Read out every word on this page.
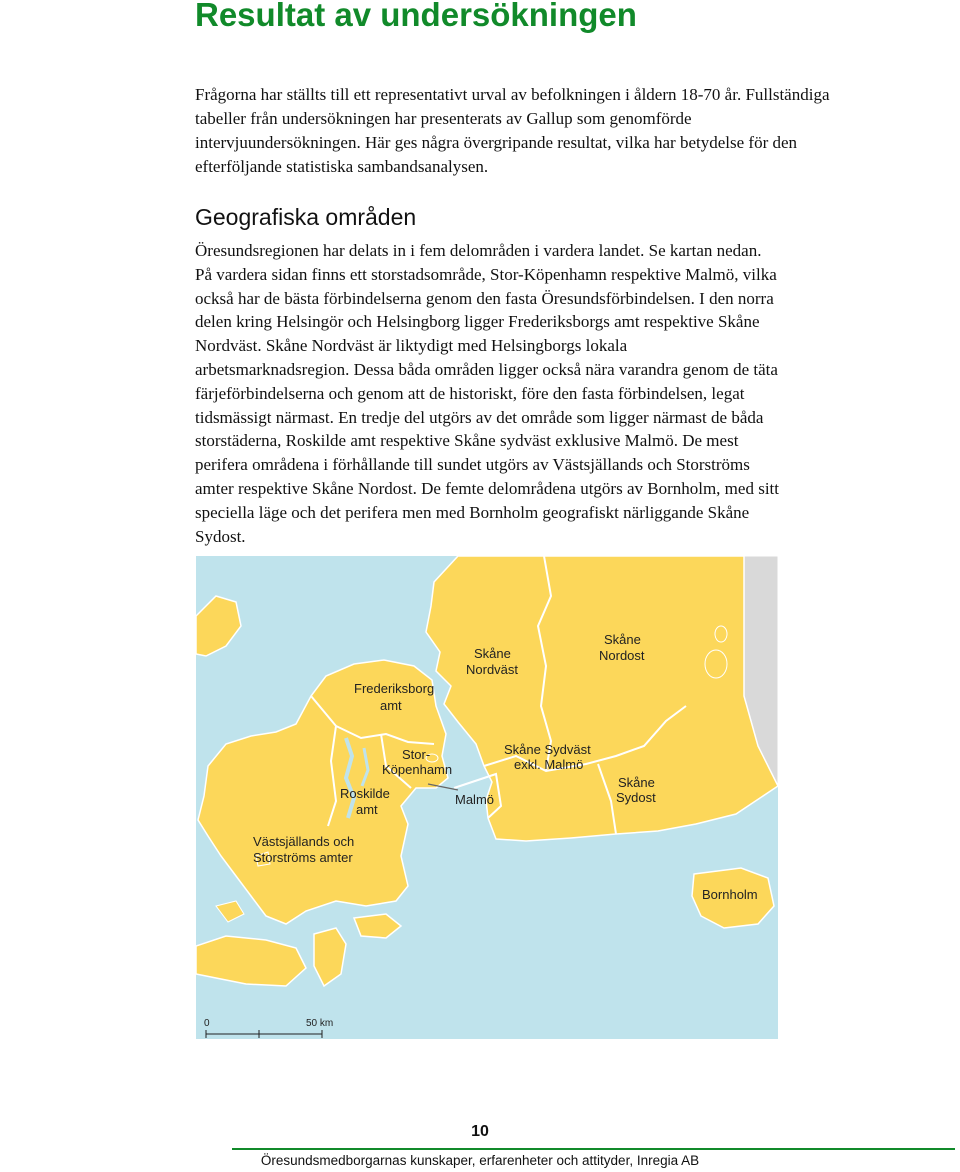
Resultat av undersökningen

Frågorna har ställts till ett representativt urval av befolkningen i åldern 18-70 år. Fullständiga tabeller från undersökningen har presenterats av Gallup som genomförde intervjuundersökningen. Här ges några övergripande resultat, vilka har betydelse för den efterföljande statistiska sambandsanalysen.

Geografiska områden

Öresundsregionen har delats in i fem delområden i vardera landet. Se kartan nedan. På vardera sidan finns ett storstadsområde, Stor-Köpenhamn respektive Malmö, vilka också har de bästa förbindelserna genom den fasta Öresundsförbindelsen. I den norra delen kring Helsingör och Helsingborg ligger Frederiksborgs amt respektive Skåne Nordväst. Skåne Nordväst är liktydigt med Helsingborgs lokala arbetsmarknadsregion. Dessa båda områden ligger också nära varandra genom de täta färjeförbindelserna och genom att de historiskt, före den fasta förbindelsen, legat tidsmässigt närmast. En tredje del utgörs av det område som ligger närmast de båda storstäderna, Roskilde amt respektive Skåne sydväst exklusive Malmö. De mest perifera områdena i förhållande till sundet utgörs av Västsjällands och Storströms amter respektive Skåne Nordost. De femte delområdena utgörs av Bornholm, med sitt speciella läge och det perifera men med Bornholm geografiskt närliggande Skåne Sydost.

Frederiksborg
amt
Stor-
Köpenhamn
Roskilde
amt
Västsjällands och
Storströms amter
Skåne
Nordväst
Skåne
Nordost
Skåne Sydväst
exkl. Malmö
Malmö
Skåne
Sydost
Bornholm
0	50 km
10
Öresundsmedborgarnas kunskaper, erfarenheter och attityder, Inregia AB
